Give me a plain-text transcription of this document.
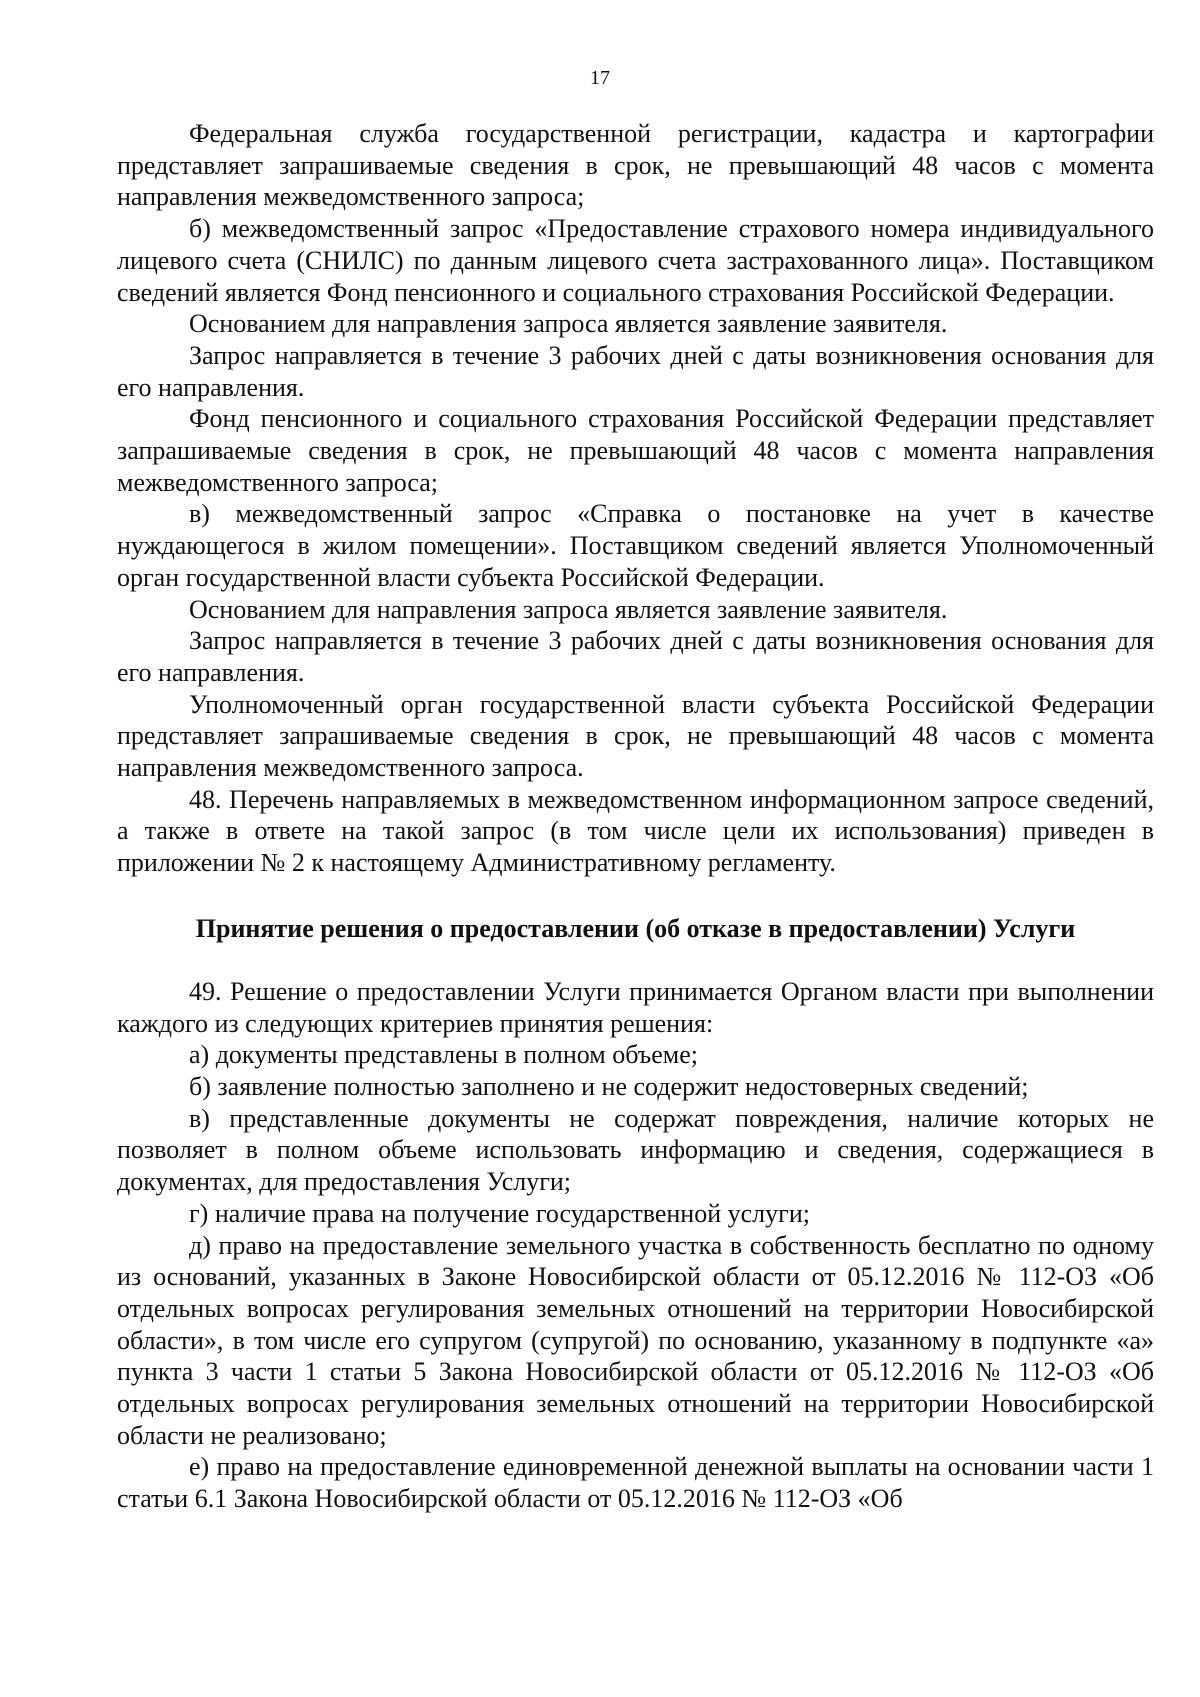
17

Федеральная служба государственной регистрации, кадастра и картографии представляет запрашиваемые сведения в срок, не превышающий 48 часов с момента направления межведомственного запроса;

б) межведомственный запрос «Предоставление страхового номера индивидуального лицевого счета (СНИЛС) по данным лицевого счета застрахованного лица». Поставщиком сведений является Фонд пенсионного и социального страхования Российской Федерации.

Основанием для направления запроса является заявление заявителя.

Запрос направляется в течение 3 рабочих дней с даты возникновения основания для его направления.

Фонд пенсионного и социального страхования Российской Федерации представляет запрашиваемые сведения в срок, не превышающий 48 часов с момента направления межведомственного запроса;

в) межведомственный запрос «Справка о постановке на учет в качестве нуждающегося в жилом помещении». Поставщиком сведений является Уполномоченный орган государственной власти субъекта Российской Федерации.

Основанием для направления запроса является заявление заявителя.

Запрос направляется в течение 3 рабочих дней с даты возникновения основания для его направления.

Уполномоченный орган государственной власти субъекта Российской Федерации представляет запрашиваемые сведения в срок, не превышающий 48 часов с момента направления межведомственного запроса.

48. Перечень направляемых в межведомственном информационном запросе сведений, а также в ответе на такой запрос (в том числе цели их использования) приведен в приложении № 2 к настоящему Административному регламенту.

Принятие решения о предоставлении (об отказе в предоставлении) Услуги

49. Решение о предоставлении Услуги принимается Органом власти при выполнении каждого из следующих критериев принятия решения:

а) документы представлены в полном объеме;

б) заявление полностью заполнено и не содержит недостоверных сведений;

в) представленные документы не содержат повреждения, наличие которых не позволяет в полном объеме использовать информацию и сведения, содержащиеся в документах, для предоставления Услуги;

г) наличие права на получение государственной услуги;

д) право на предоставление земельного участка в собственность бесплатно по одному из оснований, указанных в Законе Новосибирской области от 05.12.2016 № 112-ОЗ «Об отдельных вопросах регулирования земельных отношений на территории Новосибирской области», в том числе его супругом (супругой) по основанию, указанному в подпункте «а» пункта 3 части 1 статьи 5 Закона Новосибирской области от 05.12.2016 № 112-ОЗ «Об отдельных вопросах регулирования земельных отношений на территории Новосибирской области не реализовано;

е) право на предоставление единовременной денежной выплаты на основании части 1 статьи 6.1 Закона Новосибирской области от 05.12.2016 № 112-ОЗ «Об
